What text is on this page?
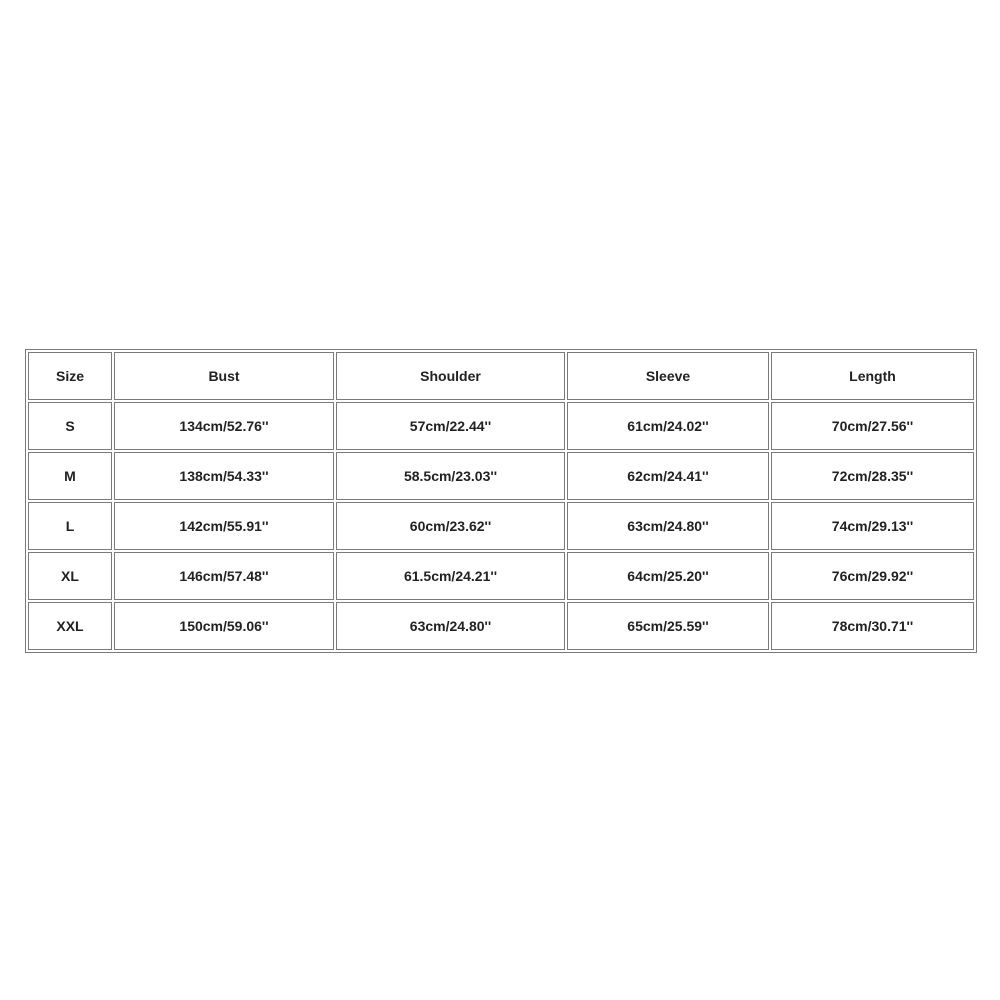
Size	Bust	Shoulder	Sleeve	Length
S	134cm/52.76''	57cm/22.44''	61cm/24.02''	70cm/27.56''
M	138cm/54.33''	58.5cm/23.03''	62cm/24.41''	72cm/28.35''
L	142cm/55.91''	60cm/23.62''	63cm/24.80''	74cm/29.13''
XL	146cm/57.48''	61.5cm/24.21''	64cm/25.20''	76cm/29.92''
XXL	150cm/59.06''	63cm/24.80''	65cm/25.59''	78cm/30.71''
